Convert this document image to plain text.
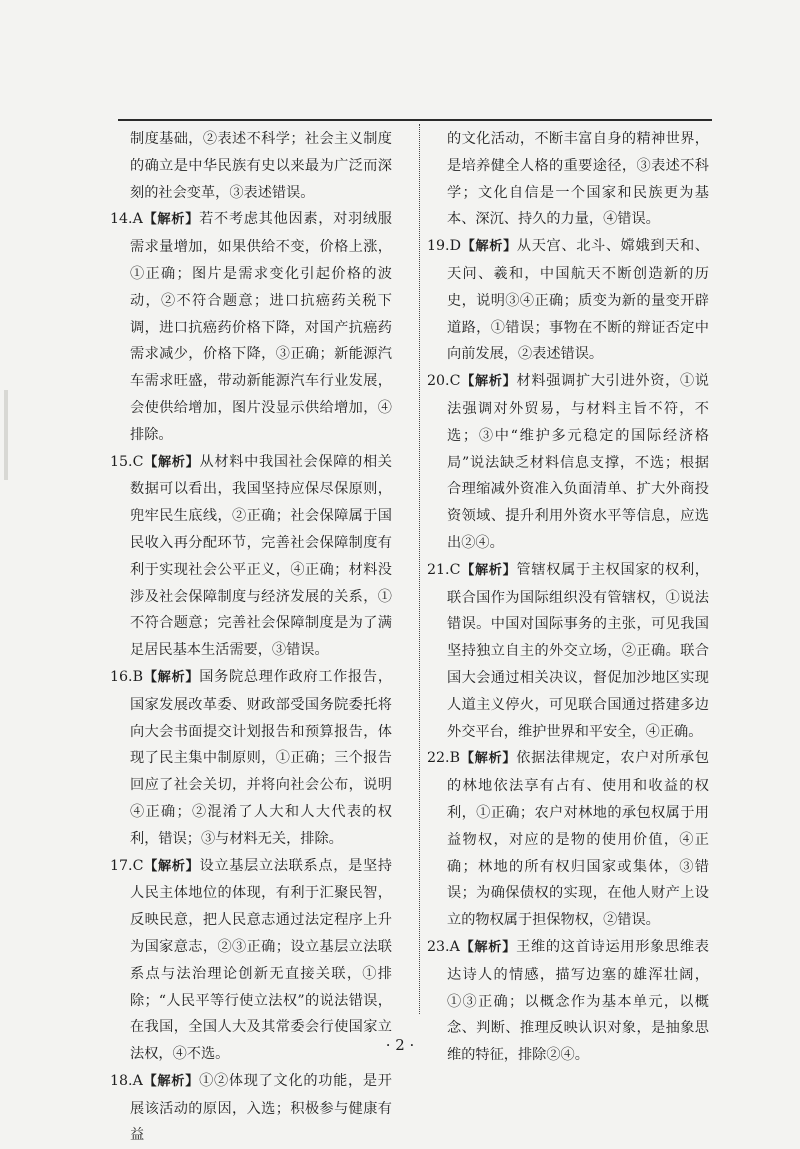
制度基础，②表述不科学；社会主义制度的确立是中华民族有史以来最为广泛而深刻的社会变革，③表述错误。

14.A【解析】若不考虑其他因素，对羽绒服需求量增加，如果供给不变，价格上涨，①正确；图片是需求变化引起价格的波动，②不符合题意；进口抗癌药关税下调，进口抗癌药价格下降，对国产抗癌药需求减少，价格下降，③正确；新能源汽车需求旺盛，带动新能源汽车行业发展，会使供给增加，图片没显示供给增加，④排除。

15.C【解析】从材料中我国社会保障的相关数据可以看出，我国坚持应保尽保原则，兜牢民生底线，②正确；社会保障属于国民收入再分配环节，完善社会保障制度有利于实现社会公平正义，④正确；材料没涉及社会保障制度与经济发展的关系，①不符合题意；完善社会保障制度是为了满足居民基本生活需要，③错误。

16.B【解析】国务院总理作政府工作报告，国家发展改革委、财政部受国务院委托将向大会书面提交计划报告和预算报告，体现了民主集中制原则，①正确；三个报告回应了社会关切，并将向社会公布，说明④正确；②混淆了人大和人大代表的权利，错误；③与材料无关，排除。

17.C【解析】设立基层立法联系点，是坚持人民主体地位的体现，有利于汇聚民智，反映民意，把人民意志通过法定程序上升为国家意志，②③正确；设立基层立法联系点与法治理论创新无直接关联，①排除；“人民平等行使立法权”的说法错误，在我国，全国人大及其常委会行使国家立法权，④不选。

18.A【解析】①②体现了文化的功能，是开展该活动的原因，入选；积极参与健康有益

的文化活动，不断丰富自身的精神世界，是培养健全人格的重要途径，③表述不科学；文化自信是一个国家和民族更为基本、深沉、持久的力量，④错误。

19.D【解析】从天宫、北斗、嫦娥到天和、天问、羲和，中国航天不断创造新的历史，说明③④正确；质变为新的量变开辟道路，①错误；事物在不断的辩证否定中向前发展，②表述错误。

20.C【解析】材料强调扩大引进外资，①说法强调对外贸易，与材料主旨不符，不选；③中“维护多元稳定的国际经济格局”说法缺乏材料信息支撑，不选；根据合理缩减外资准入负面清单、扩大外商投资领域、提升利用外资水平等信息，应选出②④。

21.C【解析】管辖权属于主权国家的权利，联合国作为国际组织没有管辖权，①说法错误。中国对国际事务的主张，可见我国坚持独立自主的外交立场，②正确。联合国大会通过相关决议，督促加沙地区实现人道主义停火，可见联合国通过搭建多边外交平台，维护世界和平安全，④正确。

22.B【解析】依据法律规定，农户对所承包的林地依法享有占有、使用和收益的权利，①正确；农户对林地的承包权属于用益物权，对应的是物的使用价值，④正确；林地的所有权归国家或集体，③错误；为确保债权的实现，在他人财产上设立的物权属于担保物权，②错误。

23.A【解析】王维的这首诗运用形象思维表达诗人的情感，描写边塞的雄浑壮阔，①③正确；以概念作为基本单元，以概念、判断、推理反映认识对象，是抽象思维的特征，排除②④。

· 2 ·
